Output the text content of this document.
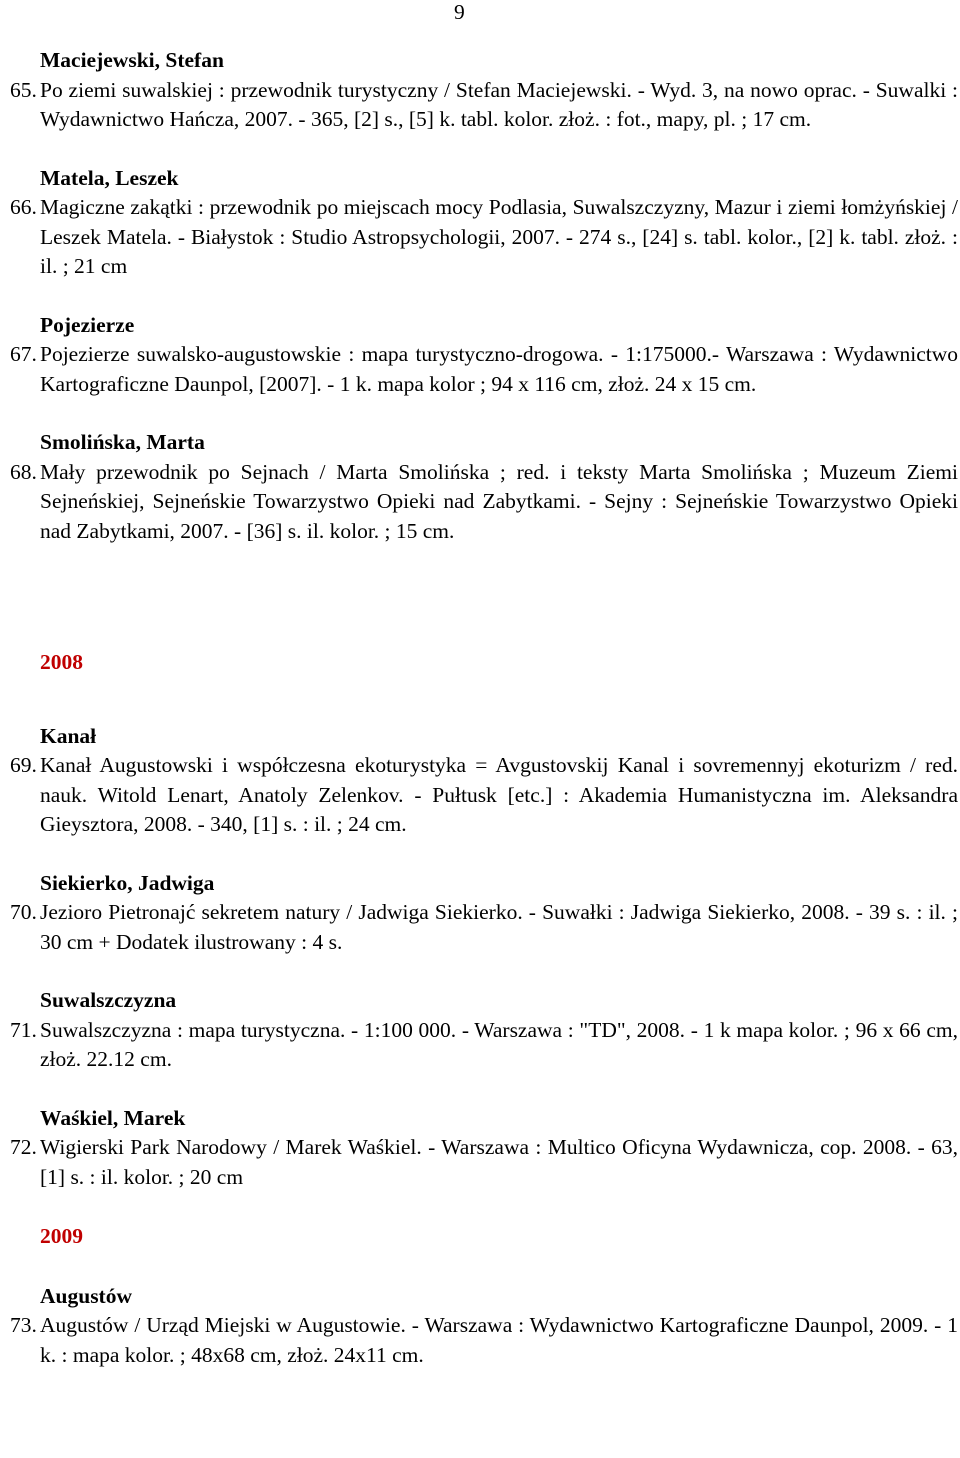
9
Maciejewski, Stefan
65. Po ziemi suwalskiej : przewodnik turystyczny / Stefan Maciejewski. - Wyd. 3, na nowo oprac. - Suwalki : Wydawnictwo Hańcza, 2007. - 365, [2] s., [5] k. tabl. kolor. złoż. : fot., mapy, pl. ; 17 cm.
Matela, Leszek
66. Magiczne zakątki : przewodnik po miejscach mocy Podlasia, Suwalszczyzny, Mazur i ziemi łomżyńskiej / Leszek Matela. - Białystok : Studio Astropsychologii, 2007. - 274 s., [24] s. tabl. kolor., [2] k. tabl. złoż. : il. ; 21 cm
Pojezierze
67. Pojezierze suwalsko-augustowskie : mapa turystyczno-drogowa. - 1:175000.- Warszawa : Wydawnictwo Kartograficzne Daunpol, [2007]. - 1 k. mapa kolor ; 94 x 116 cm, złoż. 24 x 15 cm.
Smolińska, Marta
68. Mały przewodnik po Sejnach / Marta Smolińska ; red. i teksty Marta Smolińska ; Muzeum Ziemi Sejneńskiej, Sejneńskie Towarzystwo Opieki nad Zabytkami. - Sejny : Sejneńskie Towarzystwo Opieki nad Zabytkami, 2007. - [36] s. il. kolor. ; 15 cm.
2008
Kanał
69. Kanał Augustowski i współczesna ekoturystyka = Avgustovskij Kanal i sovremennyj ekoturizm / red. nauk. Witold Lenart, Anatoly Zelenkov. - Pułtusk [etc.] : Akademia Humanistyczna im. Aleksandra Gieysztora, 2008. - 340, [1] s. : il. ; 24 cm.
Siekierko, Jadwiga
70. Jezioro Pietronajć sekretem natury / Jadwiga Siekierko. - Suwałki : Jadwiga Siekierko, 2008. - 39 s. : il. ; 30 cm + Dodatek ilustrowany : 4 s.
Suwalszczyzna
71. Suwalszczyzna : mapa turystyczna. - 1:100 000. - Warszawa : "TD", 2008. - 1 k mapa kolor. ; 96 x 66 cm, złoż. 22.12 cm.
Waśkiel, Marek
72. Wigierski Park Narodowy / Marek Waśkiel. - Warszawa : Multico Oficyna Wydawnicza, cop. 2008. - 63, [1] s. : il. kolor. ; 20 cm
2009
Augustów
73. Augustów / Urząd Miejski w Augustowie. - Warszawa : Wydawnictwo Kartograficzne Daunpol, 2009. - 1 k. : mapa kolor. ; 48x68 cm, złoż. 24x11 cm.
